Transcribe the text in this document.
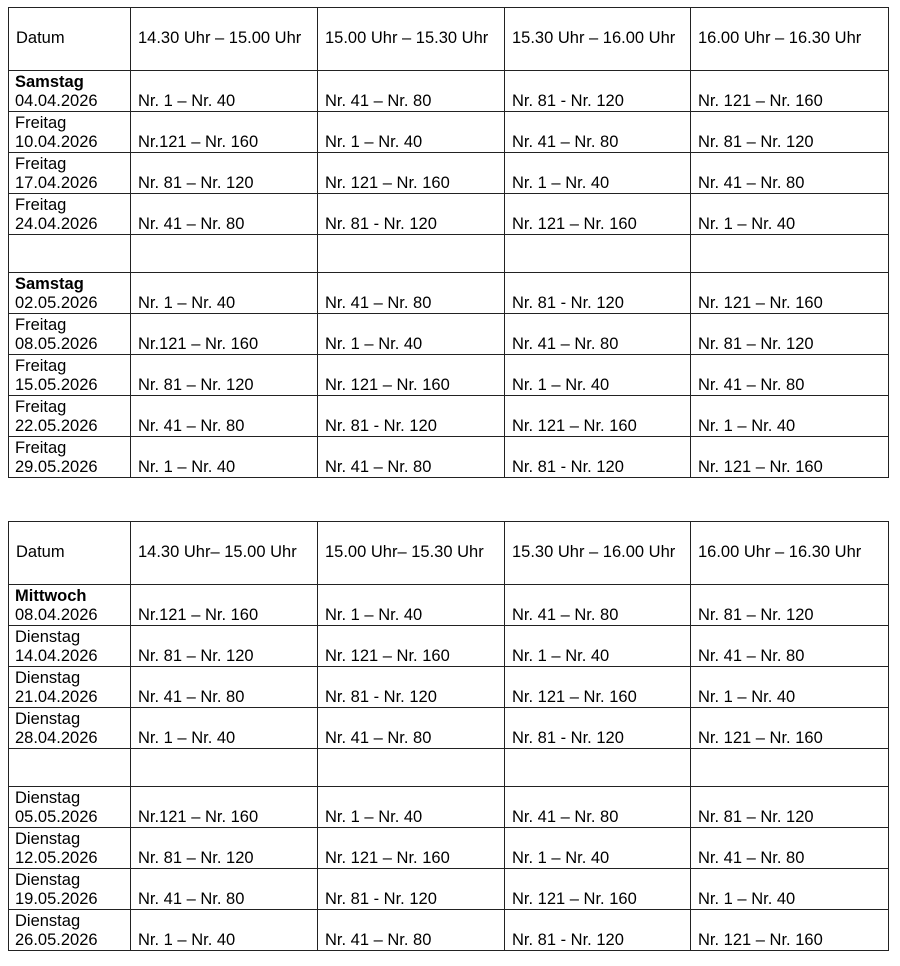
Datum	14.30 Uhr – 15.00 Uhr	15.00 Uhr – 15.30 Uhr	15.30 Uhr – 16.00 Uhr	16.00 Uhr – 16.30 Uhr

Samstag
04.04.2026	Nr. 1 – Nr. 40	Nr. 41 – Nr. 80	Nr. 81 - Nr. 120	Nr. 121 – Nr. 160

Freitag
10.04.2026	Nr.121 – Nr. 160	Nr. 1 – Nr. 40	Nr. 41 – Nr. 80	Nr. 81 – Nr. 120

Freitag
17.04.2026	Nr. 81 – Nr. 120	Nr. 121 – Nr. 160	Nr. 1 – Nr. 40	Nr. 41 – Nr. 80

Freitag
24.04.2026	Nr. 41 – Nr. 80	Nr. 81 - Nr. 120	Nr. 121 – Nr. 160	Nr. 1 – Nr. 40

Samstag
02.05.2026	Nr. 1 – Nr. 40	Nr. 41 – Nr. 80	Nr. 81 - Nr. 120	Nr. 121 – Nr. 160

Freitag
08.05.2026	Nr.121 – Nr. 160	Nr. 1 – Nr. 40	Nr. 41 – Nr. 80	Nr. 81 – Nr. 120

Freitag
15.05.2026	Nr. 81 – Nr. 120	Nr. 121 – Nr. 160	Nr. 1 – Nr. 40	Nr. 41 – Nr. 80

Freitag
22.05.2026	Nr. 41 – Nr. 80	Nr. 81 - Nr. 120	Nr. 121 – Nr. 160	Nr. 1 – Nr. 40

Freitag
29.05.2026	Nr. 1 – Nr. 40	Nr. 41 – Nr. 80	Nr. 81 - Nr. 120	Nr. 121 – Nr. 160
Datum	14.30 Uhr– 15.00 Uhr	15.00 Uhr– 15.30 Uhr	15.30 Uhr – 16.00 Uhr	16.00 Uhr – 16.30 Uhr

Mittwoch
08.04.2026	Nr.121 – Nr. 160	Nr. 1 – Nr. 40	Nr. 41 – Nr. 80	Nr. 81 – Nr. 120

Dienstag
14.04.2026	Nr. 81 – Nr. 120	Nr. 121 – Nr. 160	Nr. 1 – Nr. 40	Nr. 41 – Nr. 80

Dienstag
21.04.2026	Nr. 41 – Nr. 80	Nr. 81 - Nr. 120	Nr. 121 – Nr. 160	Nr. 1 – Nr. 40

Dienstag
28.04.2026	Nr. 1 – Nr. 40	Nr. 41 – Nr. 80	Nr. 81 - Nr. 120	Nr. 121 – Nr. 160

Dienstag
05.05.2026	Nr.121 – Nr. 160	Nr. 1 – Nr. 40	Nr. 41 – Nr. 80	Nr. 81 – Nr. 120

Dienstag
12.05.2026	Nr. 81 – Nr. 120	Nr. 121 – Nr. 160	Nr. 1 – Nr. 40	Nr. 41 – Nr. 80

Dienstag
19.05.2026	Nr. 41 – Nr. 80	Nr. 81 - Nr. 120	Nr. 121 – Nr. 160	Nr. 1 – Nr. 40

Dienstag
26.05.2026	Nr. 1 – Nr. 40	Nr. 41 – Nr. 80	Nr. 81 - Nr. 120	Nr. 121 – Nr. 160
